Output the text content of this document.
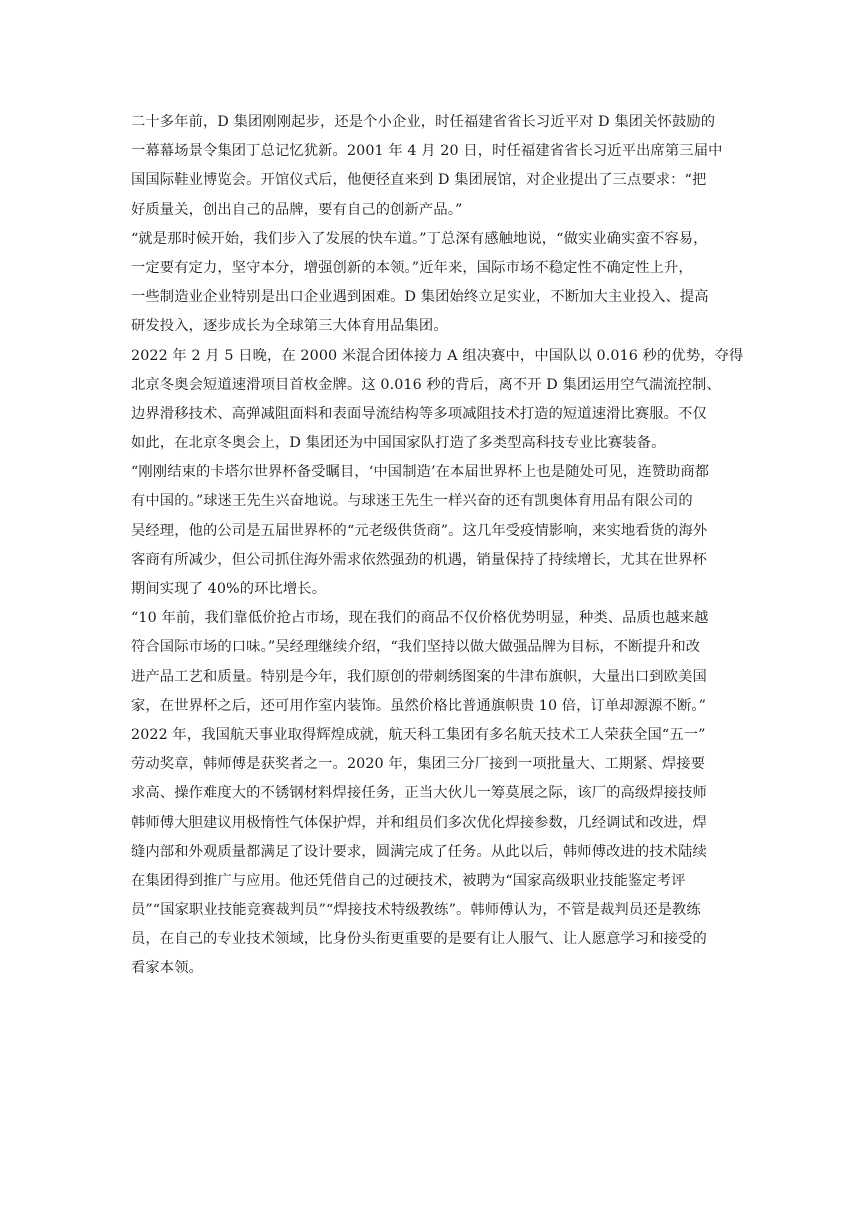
二十多年前，D 集团刚刚起步，还是个小企业，时任福建省省长习近平对 D 集团关怀鼓励的
一幕幕场景令集团丁总记忆犹新。2001 年 4 月 20 日，时任福建省省长习近平出席第三届中
国国际鞋业博览会。开馆仪式后，他便径直来到 D 集团展馆，对企业提出了三点要求：“把
好质量关，创出自己的品牌，要有自己的创新产品。”
“就是那时候开始，我们步入了发展的快车道。”丁总深有感触地说，“做实业确实蛮不容易，
一定要有定力，坚守本分，增强创新的本领。”近年来，国际市场不稳定性不确定性上升，
一些制造业企业特别是出口企业遇到困难。D 集团始终立足实业，不断加大主业投入、提高
研发投入，逐步成长为全球第三大体育用品集团。
2022 年 2 月 5 日晚，在 2000 米混合团体接力 A 组决赛中，中国队以 0.016 秒的优势，夺得
北京冬奥会短道速滑项目首枚金牌。这 0.016 秒的背后，离不开 D 集团运用空气湍流控制、
边界滑移技术、高弹减阻面料和表面导流结构等多项减阻技术打造的短道速滑比赛服。不仅
如此，在北京冬奥会上，D 集团还为中国国家队打造了多类型高科技专业比赛装备。
“刚刚结束的卡塔尔世界杯备受瞩目，‘中国制造’在本届世界杯上也是随处可见，连赞助商都
有中国的。”球迷王先生兴奋地说。与球迷王先生一样兴奋的还有凯奥体育用品有限公司的
吴经理，他的公司是五届世界杯的“元老级供货商”。这几年受疫情影响，来实地看货的海外
客商有所减少，但公司抓住海外需求依然强劲的机遇，销量保持了持续增长，尤其在世界杯
期间实现了 40%的环比增长。
“10 年前，我们靠低价抢占市场，现在我们的商品不仅价格优势明显，种类、品质也越来越
符合国际市场的口味。”吴经理继续介绍，“我们坚持以做大做强品牌为目标，不断提升和改
进产品工艺和质量。特别是今年，我们原创的带刺绣图案的牛津布旗帜，大量出口到欧美国
家，在世界杯之后，还可用作室内装饰。虽然价格比普通旗帜贵 10 倍，订单却源源不断。”
2022 年，我国航天事业取得辉煌成就，航天科工集团有多名航天技术工人荣获全国“五一”
劳动奖章，韩师傅是获奖者之一。2020 年，集团三分厂接到一项批量大、工期紧、焊接要
求高、操作难度大的不锈钢材料焊接任务，正当大伙儿一筹莫展之际，该厂的高级焊接技师
韩师傅大胆建议用极惰性气体保护焊，并和组员们多次优化焊接参数，几经调试和改进，焊
缝内部和外观质量都满足了设计要求，圆满完成了任务。从此以后，韩师傅改进的技术陆续
在集团得到推广与应用。他还凭借自己的过硬技术，被聘为“国家高级职业技能鉴定考评
员”“国家职业技能竞赛裁判员”“焊接技术特级教练”。韩师傅认为，不管是裁判员还是教练
员，在自己的专业技术领域，比身份头衔更重要的是要有让人服气、让人愿意学习和接受的
看家本领。
